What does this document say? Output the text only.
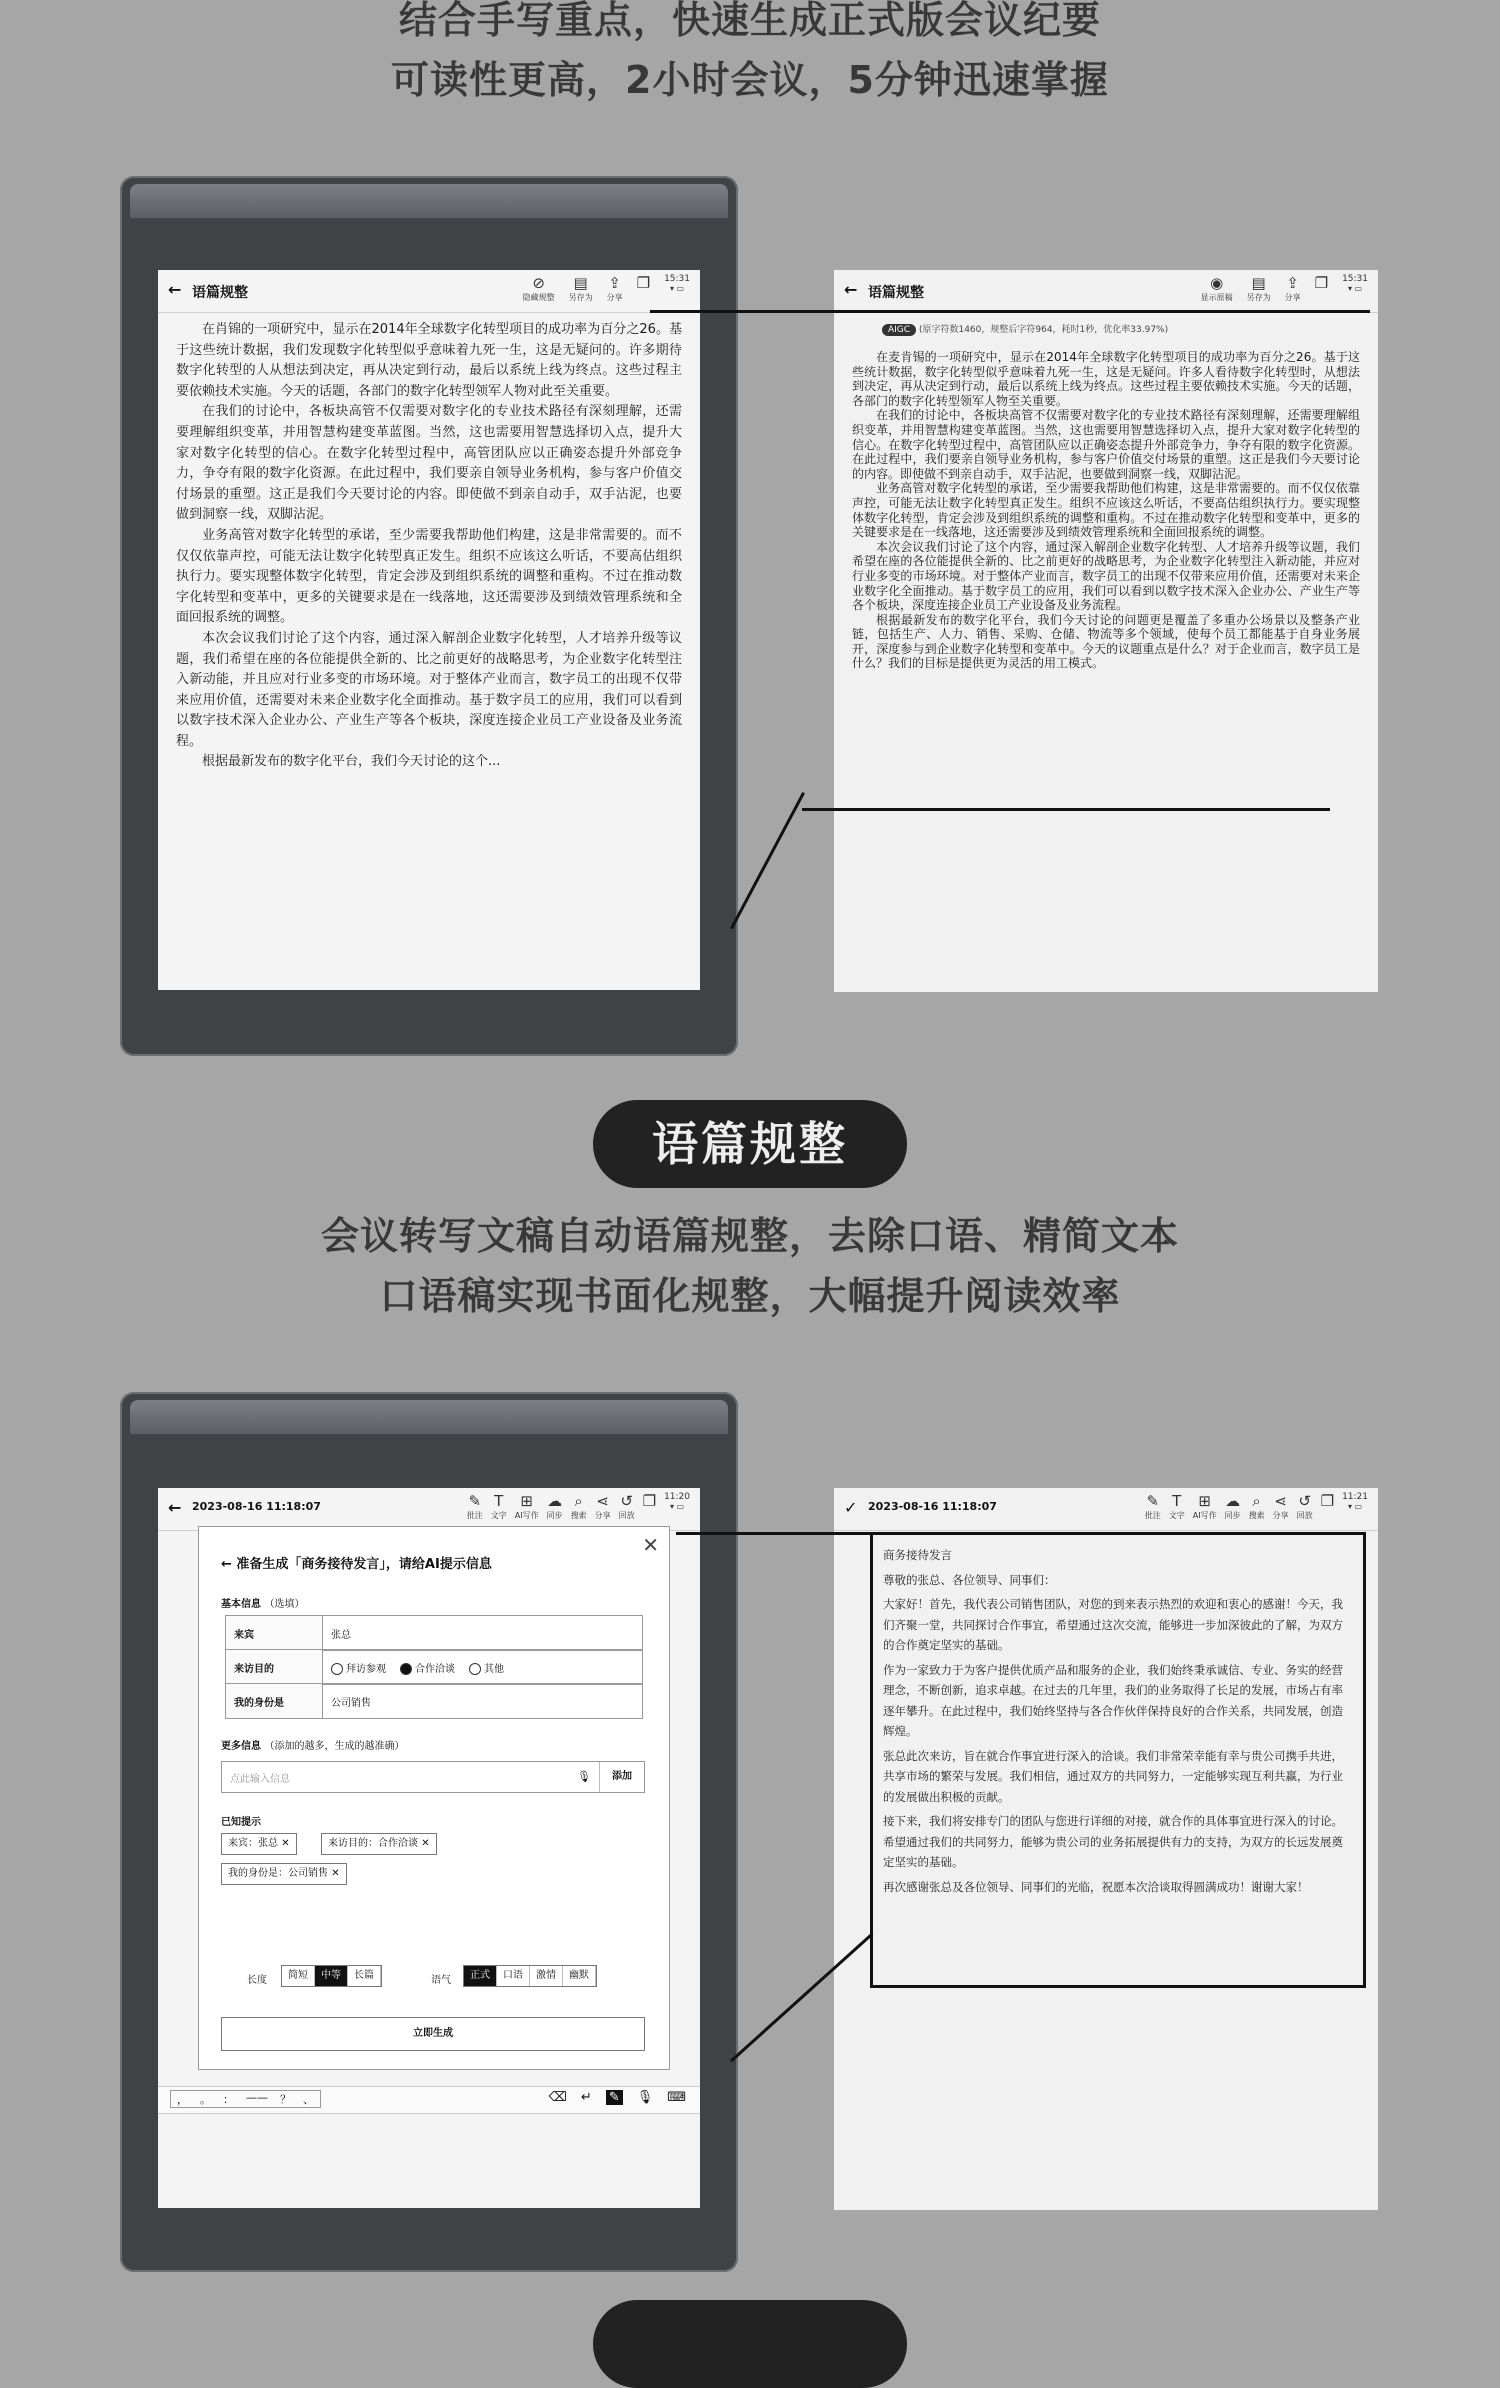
结合手写重点，快速生成正式版会议纪要
可读性更高，2小时会议，5分钟迅速掌握
← 语篇规整
⊘
隐藏规整
▤
另存为
⇪
分享
❐ 15:31
▾ ▭

在肖锦的一项研究中，显示在2014年全球数字化转型项目的成功率为百分之26。基于这些统计数据，我们发现数字化转型似乎意味着九死一生，这是无疑问的。许多期待数字化转型的人从想法到决定，再从决定到行动，最后以系统上线为终点。这些过程主要依赖技术实施。今天的话题，各部门的数字化转型领军人物对此至关重要。

在我们的讨论中，各板块高管不仅需要对数字化的专业技术路径有深刻理解，还需要理解组织变革，并用智慧构建变革蓝图。当然，这也需要用智慧选择切入点，提升大家对数字化转型的信心。在数字化转型过程中，高管团队应以正确姿态提升外部竞争力，争夺有限的数字化资源。在此过程中，我们要亲自领导业务机构，参与客户价值交付场景的重塑。这正是我们今天要讨论的内容。即使做不到亲自动手，双手沾泥，也要做到洞察一线，双脚沾泥。

业务高管对数字化转型的承诺，至少需要我帮助他们构建，这是非常需要的。而不仅仅依靠声控，可能无法让数字化转型真正发生。组织不应该这么听话，不要高估组织执行力。要实现整体数字化转型，肯定会涉及到组织系统的调整和重构。不过在推动数字化转型和变革中，更多的关键要求是在一线落地，这还需要涉及到绩效管理系统和全面回报系统的调整。

本次会议我们讨论了这个内容，通过深入解剖企业数字化转型，人才培养升级等议题，我们希望在座的各位能提供全新的、比之前更好的战略思考，为企业数字化转型注入新动能，并且应对行业多变的市场环境。对于整体产业而言，数字员工的出现不仅带来应用价值，还需要对未来企业数字化全面推动。基于数字员工的应用，我们可以看到以数字技术深入企业办公、产业生产等各个板块，深度连接企业员工产业设备及业务流程。

根据最新发布的数字化平台，我们今天讨论的这个...

← 语篇规整
◉
显示原稿
▤
另存为
⇪
分享
❐ 15:31
▾ ▭
AIGC (原字符数1460，规整后字符964，耗时1秒，优化率33.97%)

在麦肯锡的一项研究中，显示在2014年全球数字化转型项目的成功率为百分之26。基于这些统计数据，数字化转型似乎意味着九死一生，这是无疑问。许多人看待数字化转型时，从想法到决定，再从决定到行动，最后以系统上线为终点。这些过程主要依赖技术实施。今天的话题，各部门的数字化转型领军人物至关重要。

在我们的讨论中，各板块高管不仅需要对数字化的专业技术路径有深刻理解，还需要理解组织变革，并用智慧构建变革蓝图。当然，这也需要用智慧选择切入点，提升大家对数字化转型的信心。在数字化转型过程中，高管团队应以正确姿态提升外部竞争力，争夺有限的数字化资源。在此过程中，我们要亲自领导业务机构，参与客户价值交付场景的重塑。这正是我们今天要讨论的内容。即使做不到亲自动手，双手沾泥，也要做到洞察一线，双脚沾泥。

业务高管对数字化转型的承诺，至少需要我帮助他们构建，这是非常需要的。而不仅仅依靠声控，可能无法让数字化转型真正发生。组织不应该这么听话，不要高估组织执行力。要实现整体数字化转型，肯定会涉及到组织系统的调整和重构。不过在推动数字化转型和变革中，更多的关键要求是在一线落地，这还需要涉及到绩效管理系统和全面回报系统的调整。

本次会议我们讨论了这个内容，通过深入解剖企业数字化转型、人才培养升级等议题，我们希望在座的各位能提供全新的、比之前更好的战略思考，为企业数字化转型注入新动能，并应对行业多变的市场环境。对于整体产业而言，数字员工的出现不仅带来应用价值，还需要对未来企业数字化全面推动。基于数字员工的应用，我们可以看到以数字技术深入企业办公、产业生产等各个板块，深度连接企业员工产业设备及业务流程。

根据最新发布的数字化平台，我们今天讨论的问题更是覆盖了多重办公场景以及整条产业链，包括生产、人力、销售、采购、仓储、物流等多个领域，使每个员工都能基于自身业务展开，深度参与到企业数字化转型和变革中。今天的议题重点是什么？对于企业而言，数字员工是什么？我们的目标是提供更为灵活的用工模式。

语篇规整
会议转写文稿自动语篇规整，去除口语、精简文本
口语稿实现书面化规整，大幅提升阅读效率
← 2023-08-16 11:18:07	✎
批注
T
文字
⊞
AI写作
☁
同步
⌕
搜索
⋖
分享
↺
回放
❐ 11:20
▾ ▭
✕
← 准备生成「商务接待发言」，请给AI提示信息
基本信息 （选填）
来宾	张总
来访目的	拜访参观	合作洽谈	其他
我的身份是	公司销售
更多信息 （添加的越多，生成的越准确）
点此输入信息	🎙	添加
已知提示
来宾：张总 ✕	来访目的：合作洽谈 ✕
我的身份是：公司销售 ✕
长度	简短	中等	长篇	语气	正式	口语	激情	幽默
立即生成
，	。	：	——	？	、	⌫ ↵ ✎ 🎙 ⌨
✓ 2023-08-16 11:18:07	✎
批注
T
文字
⊞
AI写作
☁
同步
⌕
搜索
⋖
分享
↺
回放
❐ 11:21
▾ ▭

商务接待发言

尊敬的张总、各位领导、同事们：

大家好！首先，我代表公司销售团队，对您的到来表示热烈的欢迎和衷心的感谢！今天，我们齐聚一堂，共同探讨合作事宜，希望通过这次交流，能够进一步加深彼此的了解，为双方的合作奠定坚实的基础。

作为一家致力于为客户提供优质产品和服务的企业，我们始终秉承诚信、专业、务实的经营理念，不断创新，追求卓越。在过去的几年里，我们的业务取得了长足的发展，市场占有率逐年攀升。在此过程中，我们始终坚持与各合作伙伴保持良好的合作关系，共同发展，创造辉煌。

张总此次来访，旨在就合作事宜进行深入的洽谈。我们非常荣幸能有幸与贵公司携手共进，共享市场的繁荣与发展。我们相信，通过双方的共同努力，一定能够实现互利共赢，为行业的发展做出积极的贡献。

接下来，我们将安排专门的团队与您进行详细的对接，就合作的具体事宜进行深入的讨论。希望通过我们的共同努力，能够为贵公司的业务拓展提供有力的支持，为双方的长远发展奠定坚实的基础。

再次感谢张总及各位领导、同事们的光临，祝愿本次洽谈取得圆满成功！谢谢大家！
